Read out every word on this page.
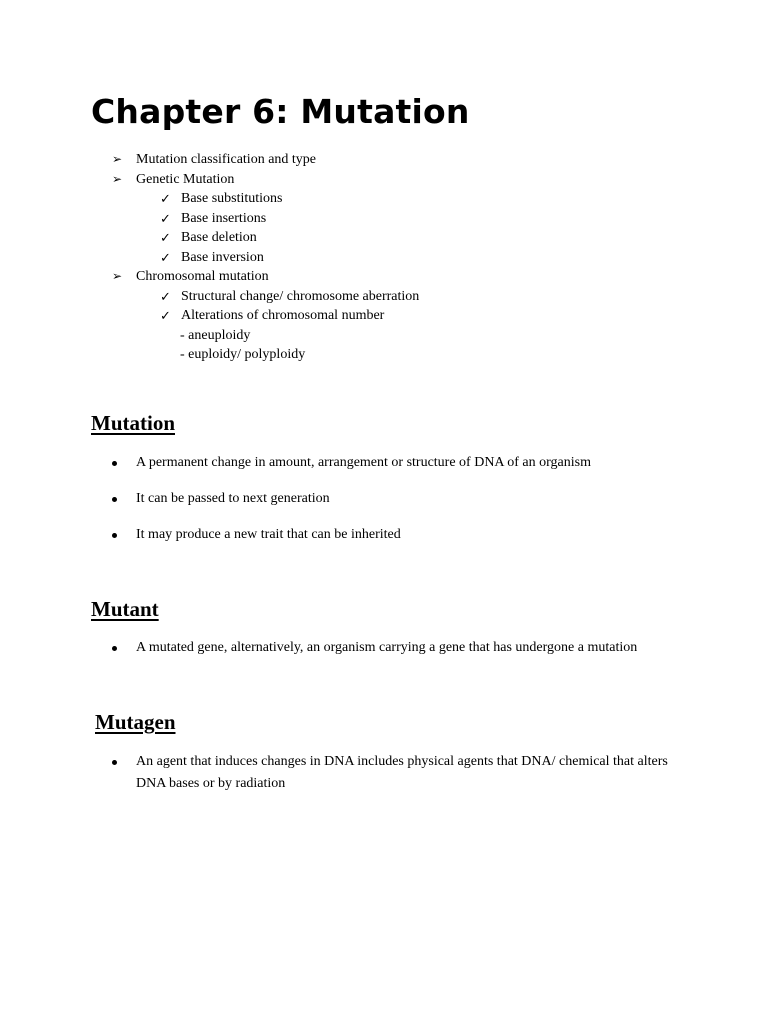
Chapter 6: Mutation
➢ Mutation classification and type
➢ Genetic Mutation
✓ Base substitutions
✓ Base insertions
✓ Base deletion
✓ Base inversion
➢ Chromosomal mutation
✓ Structural change/ chromosome aberration
✓ Alterations of chromosomal number
- aneuploidy
- euploidy/ polyploidy
Mutation
A permanent change in amount, arrangement or structure of DNA of an organism
It can be passed to next generation
It may produce a new trait that can be inherited
Mutant
A mutated gene, alternatively, an organism carrying a gene that has undergone a mutation
Mutagen
An agent that induces changes in DNA includes physical agents that DNA/ chemical that alters DNA bases or by radiation
